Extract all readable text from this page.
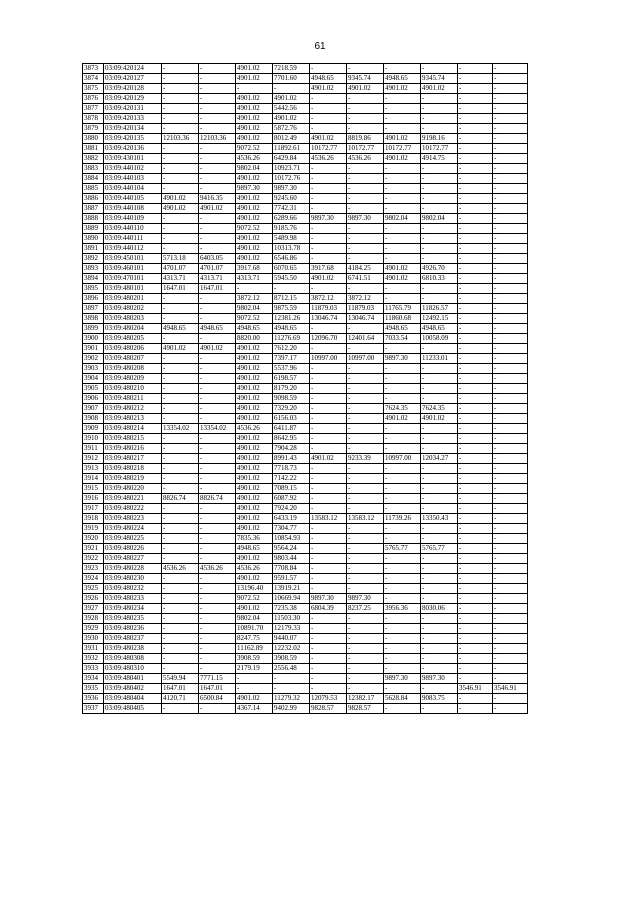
61
3873	03:09:420124	-	-	4901.02	7218.59	-	-	-	-	-	-
3874	03:09:420127	-	-	4901.02	7701.60	4948.65	9345.74	4948.65	9345.74	-	-
3875	03:09:420128	-	-	-	-	4901.02	4901.02	4901.02	4901.02	-	-
3876	03:09:420129	-	-	4901.02	4901.02	-	-	-	-	-	-
3877	03:09:420131	-	-	4901.02	5442.56	-	-	-	-	-	-
3878	03:09:420133	-	-	4901.02	4901.02	-	-	-	-	-	-
3879	03:09:420134	-	-	4901.02	5872.76	-	-	-	-	-	-
3880	03:09:420135	12103.36	12103.36	4901.02	8012.49	4901.02	8819.86	4901.02	9198.16	-	-
3881	03:09:420136	-	-	9072.52	11892.61	10172.77	10172.77	10172.77	10172.77	-	-
3882	03:09:430101	-	-	4536.26	6429.84	4536.26	4536.26	4901.02	4914.75	-	-
3883	03:09:440102	-	-	9802.04	10923.71	-	-	-	-	-	-
3884	03:09:440103	-	-	4901.02	10172.76	-	-	-	-	-	-
3885	03:09:440104	-	-	9897.30	9897.30	-	-	-	-	-	-
3886	03:09:440105	4901.02	9416.35	4901.02	9245.60	-	-	-	-	-	-
3887	03:09:440108	4901.02	4901.02	4901.02	7742.31	-	-	-	-	-	-
3888	03:09:440109	-	-	4901.02	6289.66	9897.30	9897.30	9802.04	9802.04	-	-
3889	03:09:440110	-	-	9072.52	9185.76	-	-	-	-	-	-
3890	03:09:440111	-	-	4901.02	5489.98	-	-	-	-	-	-
3891	03:09:440112	-	-	4901.02	10313.78	-	-	-	-	-	-
3892	03:09:450101	5713.18	6403.05	4901.02	6546.86	-	-	-	-	-	-
3893	03:09:460101	4701.07	4701.07	3917.68	6070.65	3917.68	4184.25	4901.02	4926.70	-	-
3894	03:09:470101	4313.71	4313.71	4313.71	5945.50	4901.02	6741.51	4901.02	6810.33	-	-
3895	03:09:480101	1647.01	1647.01	-	-	-	-	-	-	-	-
3896	03:09:480201	-	-	3872.12	8712.15	3872.12	3872.12	-	-	-	-
3897	03:09:480202	-	-	9802.04	9875.59	11879.03	11879.03	11765.79	11826.57	-	-
3898	03:09:480203	-	-	9072.52	12381.26	13046.74	13046.74	11860.68	12492.15	-	-
3899	03:09:480204	4948.65	4948.65	4948.65	4948.65	-	-	4948.65	4948.65	-	-
3900	03:09:480205	-	-	8820.00	11276.69	12096.70	12401.64	7033.54	10058.09	-	-
3901	03:09:480206	4901.02	4901.02	4901.02	7612.20	-	-	-	-	-	-
3902	03:09:480207	-	-	4901.02	7397.17	10997.00	10997.00	9897.30	11233.01	-	-
3903	03:09:480208	-	-	4901.02	5537.96	-	-	-	-	-	-
3904	03:09:480209	-	-	4901.02	6198.57	-	-	-	-	-	-
3905	03:09:480210	-	-	4901.02	8179.20	-	-	-	-	-	-
3906	03:09:480211	-	-	4901.02	9098.59	-	-	-	-	-	-
3907	03:09:480212	-	-	4901.02	7329.20	-	-	7624.35	7624.35	-	-
3908	03:09:480213	-	-	4901.02	6156.03	-	-	4901.02	4901.02	-	-
3909	03:09:480214	13354.02	13354.02	4536.26	6411.87	-	-	-	-	-	-
3910	03:09:480215	-	-	4901.02	8642.95	-	-	-	-	-	-
3911	03:09:480216	-	-	4901.02	7904.28	-	-	-	-	-	-
3912	03:09:480217	-	-	4901.02	8991.43	4901.02	9233.39	10997.00	12034.27	-	-
3913	03:09:480218	-	-	4901.02	7718.73	-	-	-	-	-	-
3914	03:09:480219	-	-	4901.02	7142.22	-	-	-	-	-	-
3915	03:09:480220	-	-	4901.02	7089.15	-	-	-	-	-	-
3916	03:09:480221	8826.74	8826.74	4901.02	6087.92	-	-	-	-	-	-
3917	03:09:480222	-	-	4901.02	7924.20	-	-	-	-	-	-
3918	03:09:480223	-	-	4901.02	6433.19	13583.12	13583.12	11739.26	13350.43	-	-
3919	03:09:480224	-	-	4901.02	7304.77	-	-	-	-	-	-
3920	03:09:480225	-	-	7835.36	10854.93	-	-	-	-	-	-
3921	03:09:480226	-	-	4948.65	9564.24	-	-	5765.77	5765.77	-	-
3922	03:09:480227	-	-	4901.02	9803.44	-	-	-	-	-	-
3923	03:09:480228	4536.26	4536.26	4536.26	7708.84	-	-	-	-	-	-
3924	03:09:480230	-	-	4901.02	9591.57	-	-	-	-	-	-
3925	03:09:480232	-	-	13196.40	13919.21	-	-	-	-	-	-
3926	03:09:480233	-	-	9072.52	10669.94	9897.30	9897.30	-	-	-	-
3927	03:09:480234	-	-	4901.02	7235.38	6804.39	8237.25	3956.36	8030.06	-	-
3928	03:09:480235	-	-	9802.04	11503.30	-	-	-	-	-	-
3929	03:09:480236	-	-	10891.70	12179.33	-	-	-	-	-	-
3930	03:09:480237	-	-	8247.75	9440.07	-	-	-	-	-	-
3931	03:09:480238	-	-	11162.89	12232.02	-	-	-	-	-	-
3932	03:09:480308	-	-	3908.59	3908.59	-	-	-	-	-	-
3933	03:09:480310	-	-	2179.19	2556.48	-	-	-	-	-	-
3934	03:09:480401	5549.94	7771.15	-	-	-	-	9897.30	9897.30	-	-
3935	03:09:480402	1647.01	1647.01	-	-	-	-	-	-	3546.91	3546.91
3936	03:09:480404	4120.71	6500.84	4901.02	11279.32	12079.53	12382.17	5628.84	9083.75	-	-
3937	03:09:480405	-	-	4367.14	9402.99	9828.57	9828.57	-	-	-	-
